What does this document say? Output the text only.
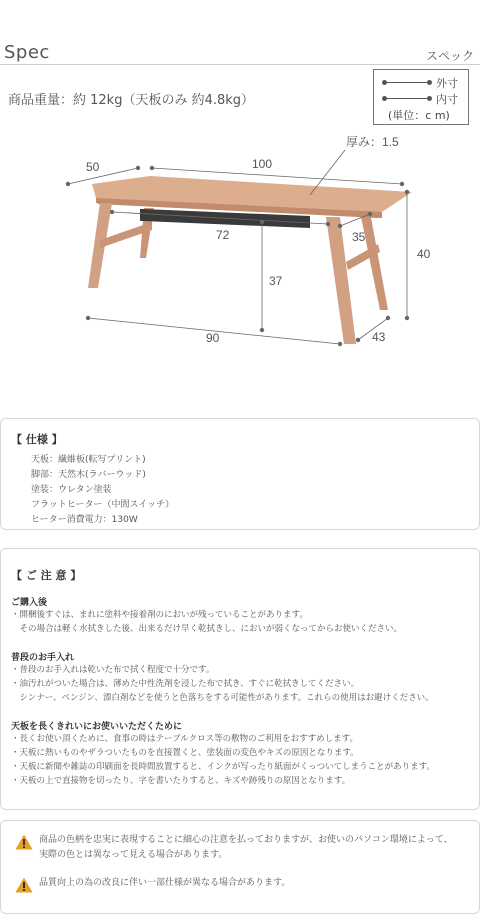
Spec	スペック
商品重量：約 12kg（天板のみ 約4.8kg）
外寸
内寸
(単位：c m)
厚み：1.5
50	100
72	35
40
37
90	43
【 仕様 】
天板：繊維板(転写プリント)
脚部：天然木(ラバーウッド)
塗装：ウレタン塗装
フラットヒーター（中間スイッチ）
ヒーター消費電力：130W
【 ご 注 意 】
ご購入後
・開梱後すぐは、まれに塗料や接着剤のにおいが残っていることがあります。
　その場合は軽く水拭きした後、出来るだけ早く乾拭きし、においが弱くなってからお使いください。
普段のお手入れ
・普段のお手入れは乾いた布で拭く程度で十分です。
・油汚れがついた場合は、薄めた中性洗剤を浸した布で拭き、すぐに乾拭きしてください。
　シンナー、ベンジン、漂白剤などを使うと色落ちをする可能性があります。これらの使用はお避けください。
天板を長くきれいにお使いいただくために
・長くお使い頂くために、食事の時はテーブルクロス等の敷物のご利用をおすすめします。
・天板に熱いものやザラついたものを直接置くと、塗装面の変色やキズの原因となります。
・天板に新聞や雑誌の印刷面を長時間放置すると、インクが写ったり紙面がくっついてしまうことがあります。
・天板の上で直接物を切ったり、字を書いたりすると、キズや跡残りの原因となります。
商品の色柄を忠実に表現することに細心の注意を払っておりますが、お使いのパソコン環境によって、
実際の色とは異なって見える場合があります。
品質向上の為の改良に伴い一部仕様が異なる場合があります。
